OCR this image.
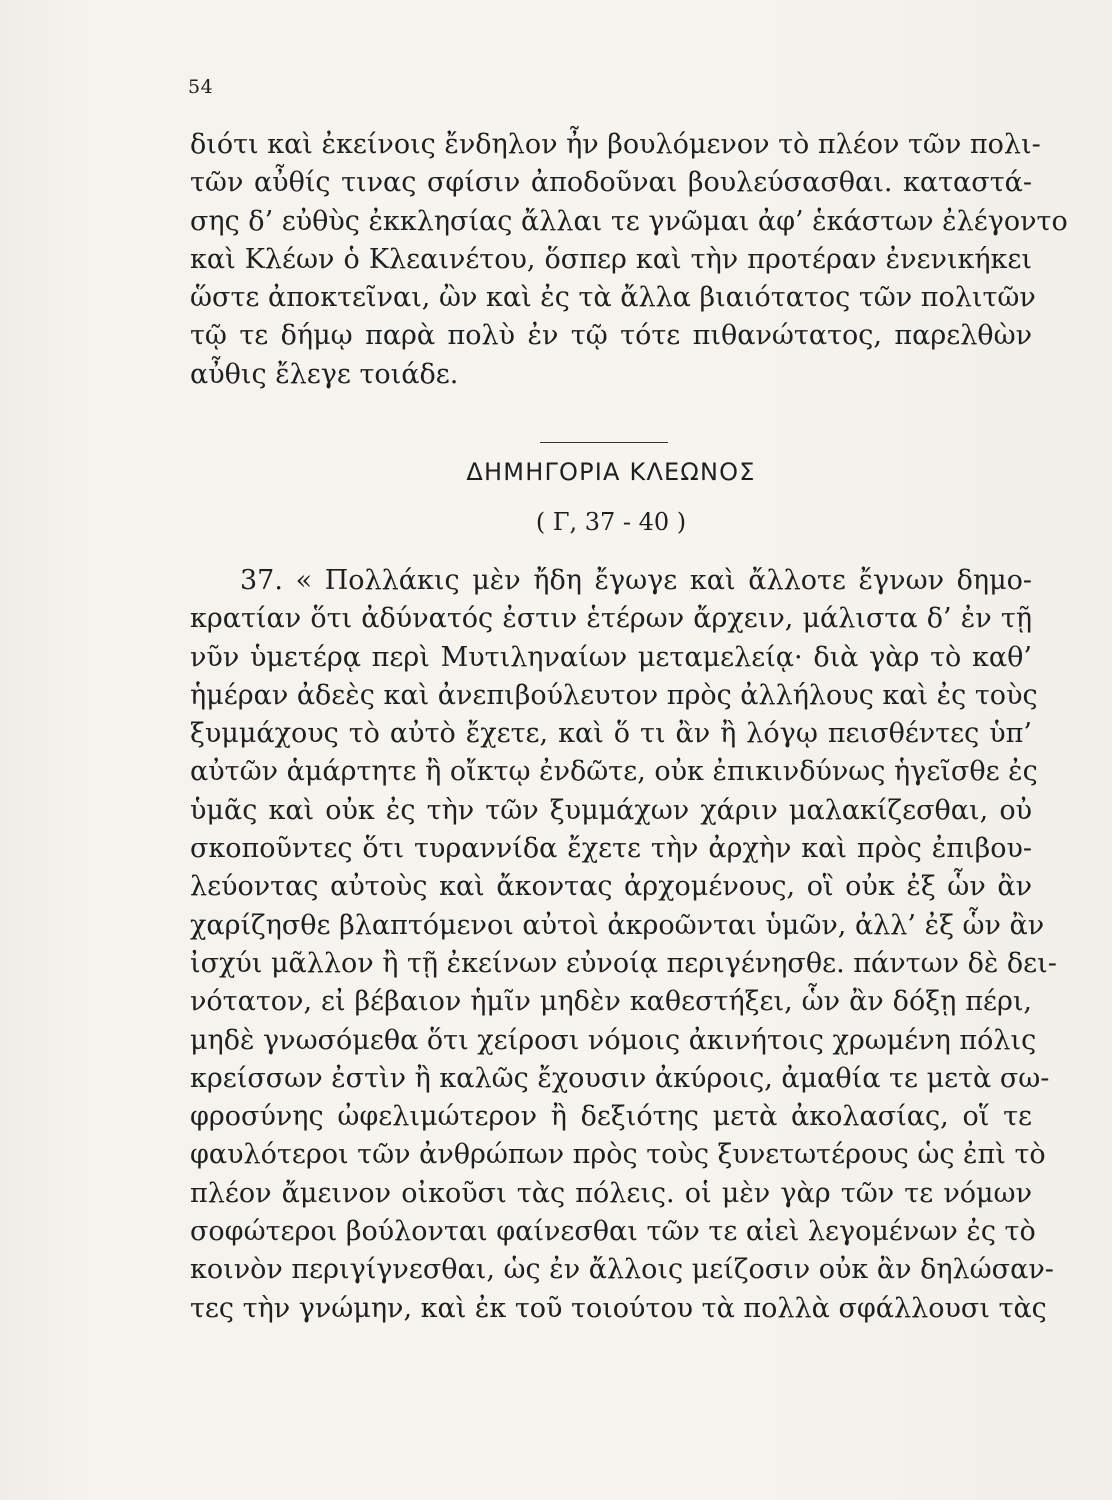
54
διότι καὶ ἐκείνοις ἔνδηλον ἦν βουλόμενον τὸ πλέον τῶν πολι-
τῶν αὖθίς τινας σφίσιν ἀποδοῦναι βουλεύσασθαι. καταστά-
σης δ’ εὐθὺς ἐκκλησίας ἄλλαι τε γνῶμαι ἀφ’ ἑκάστων ἐλέγοντο
καὶ Κλέων ὁ Κλεαινέτου, ὅσπερ καὶ τὴν προτέραν ἐνενικήκει
ὥστε ἀποκτεῖναι, ὢν καὶ ἐς τὰ ἄλλα βιαιότατος τῶν πολιτῶν
τῷ τε δήμῳ παρὰ πολὺ ἐν τῷ τότε πιθανώτατος, παρελθὼν
αὖθις ἔλεγε τοιάδε.
ΔΗΜΗΓΟΡΙΑ ΚΛΕΩΝΟΣ
( Γ, 37 - 40 )
37. « Πολλάκις μὲν ἤδη ἔγωγε καὶ ἄλλοτε ἔγνων δημο-
κρατίαν ὅτι ἀδύνατός ἐστιν ἑτέρων ἄρχειν, μάλιστα δ’ ἐν τῇ
νῦν ὑμετέρᾳ περὶ Μυτιληναίων μεταμελείᾳ· διὰ γὰρ τὸ καθ’
ἡμέραν ἀδεὲς καὶ ἀνεπιβούλευτον πρὸς ἀλλήλους καὶ ἐς τοὺς
ξυμμάχους τὸ αὐτὸ ἔχετε, καὶ ὅ τι ἂν ἢ λόγῳ πεισθέντες ὑπ’
αὐτῶν ἁμάρτητε ἢ οἴκτῳ ἐνδῶτε, οὐκ ἐπικινδύνως ἡγεῖσθε ἐς
ὑμᾶς καὶ οὐκ ἐς τὴν τῶν ξυμμάχων χάριν μαλακίζεσθαι, οὐ
σκοποῦντες ὅτι τυραννίδα ἔχετε τὴν ἀρχὴν καὶ πρὸς ἐπιβου-
λεύοντας αὐτοὺς καὶ ἄκοντας ἀρχομένους, οἳ οὐκ ἐξ ὧν ἂν
χαρίζησθε βλαπτόμενοι αὐτοὶ ἀκροῶνται ὑμῶν, ἀλλ’ ἐξ ὧν ἂν
ἰσχύι μᾶλλον ἢ τῇ ἐκείνων εὐνοίᾳ περιγένησθε. πάντων δὲ δει-
νότατον, εἰ βέβαιον ἡμῖν μηδὲν καθεστήξει, ὧν ἂν δόξῃ πέρι,
μηδὲ γνωσόμεθα ὅτι χείροσι νόμοις ἀκινήτοις χρωμένη πόλις
κρείσσων ἐστὶν ἢ καλῶς ἔχουσιν ἀκύροις, ἀμαθία τε μετὰ σω-
φροσύνης ὠφελιμώτερον ἢ δεξιότης μετὰ ἀκολασίας, οἵ τε
φαυλότεροι τῶν ἀνθρώπων πρὸς τοὺς ξυνετωτέρους ὡς ἐπὶ τὸ
πλέον ἄμεινον οἰκοῦσι τὰς πόλεις. οἱ μὲν γὰρ τῶν τε νόμων
σοφώτεροι βούλονται φαίνεσθαι τῶν τε αἰεὶ λεγομένων ἐς τὸ
κοινὸν περιγίγνεσθαι, ὡς ἐν ἄλλοις μείζοσιν οὐκ ἂν δηλώσαν-
τες τὴν γνώμην, καὶ ἐκ τοῦ τοιούτου τὰ πολλὰ σφάλλουσι τὰς
